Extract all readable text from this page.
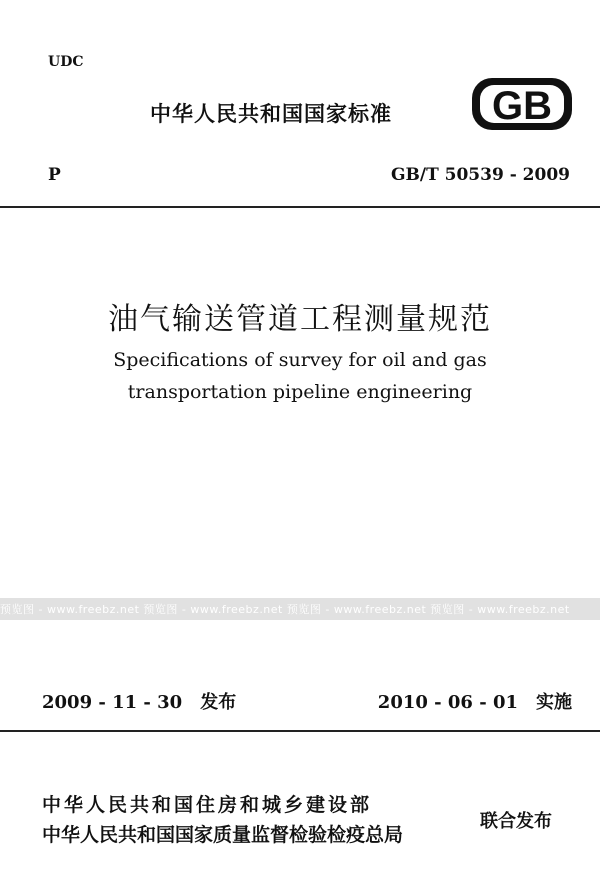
UDC
中华人民共和国国家标准	GB
P	GB/T 50539 - 2009
油气输送管道工程测量规范
Specifications of survey for oil and gas
transportation pipeline engineering
预览图 - www.freebz.net 预览图 - www.freebz.net 预览图 - www.freebz.net 预览图 - www.freebz.net
2009 - 11 - 30　发布	2010 - 06 - 01　实施
中华人民共和国住房和城乡建设部
中华人民共和国国家质量监督检验检疫总局
联合发布
